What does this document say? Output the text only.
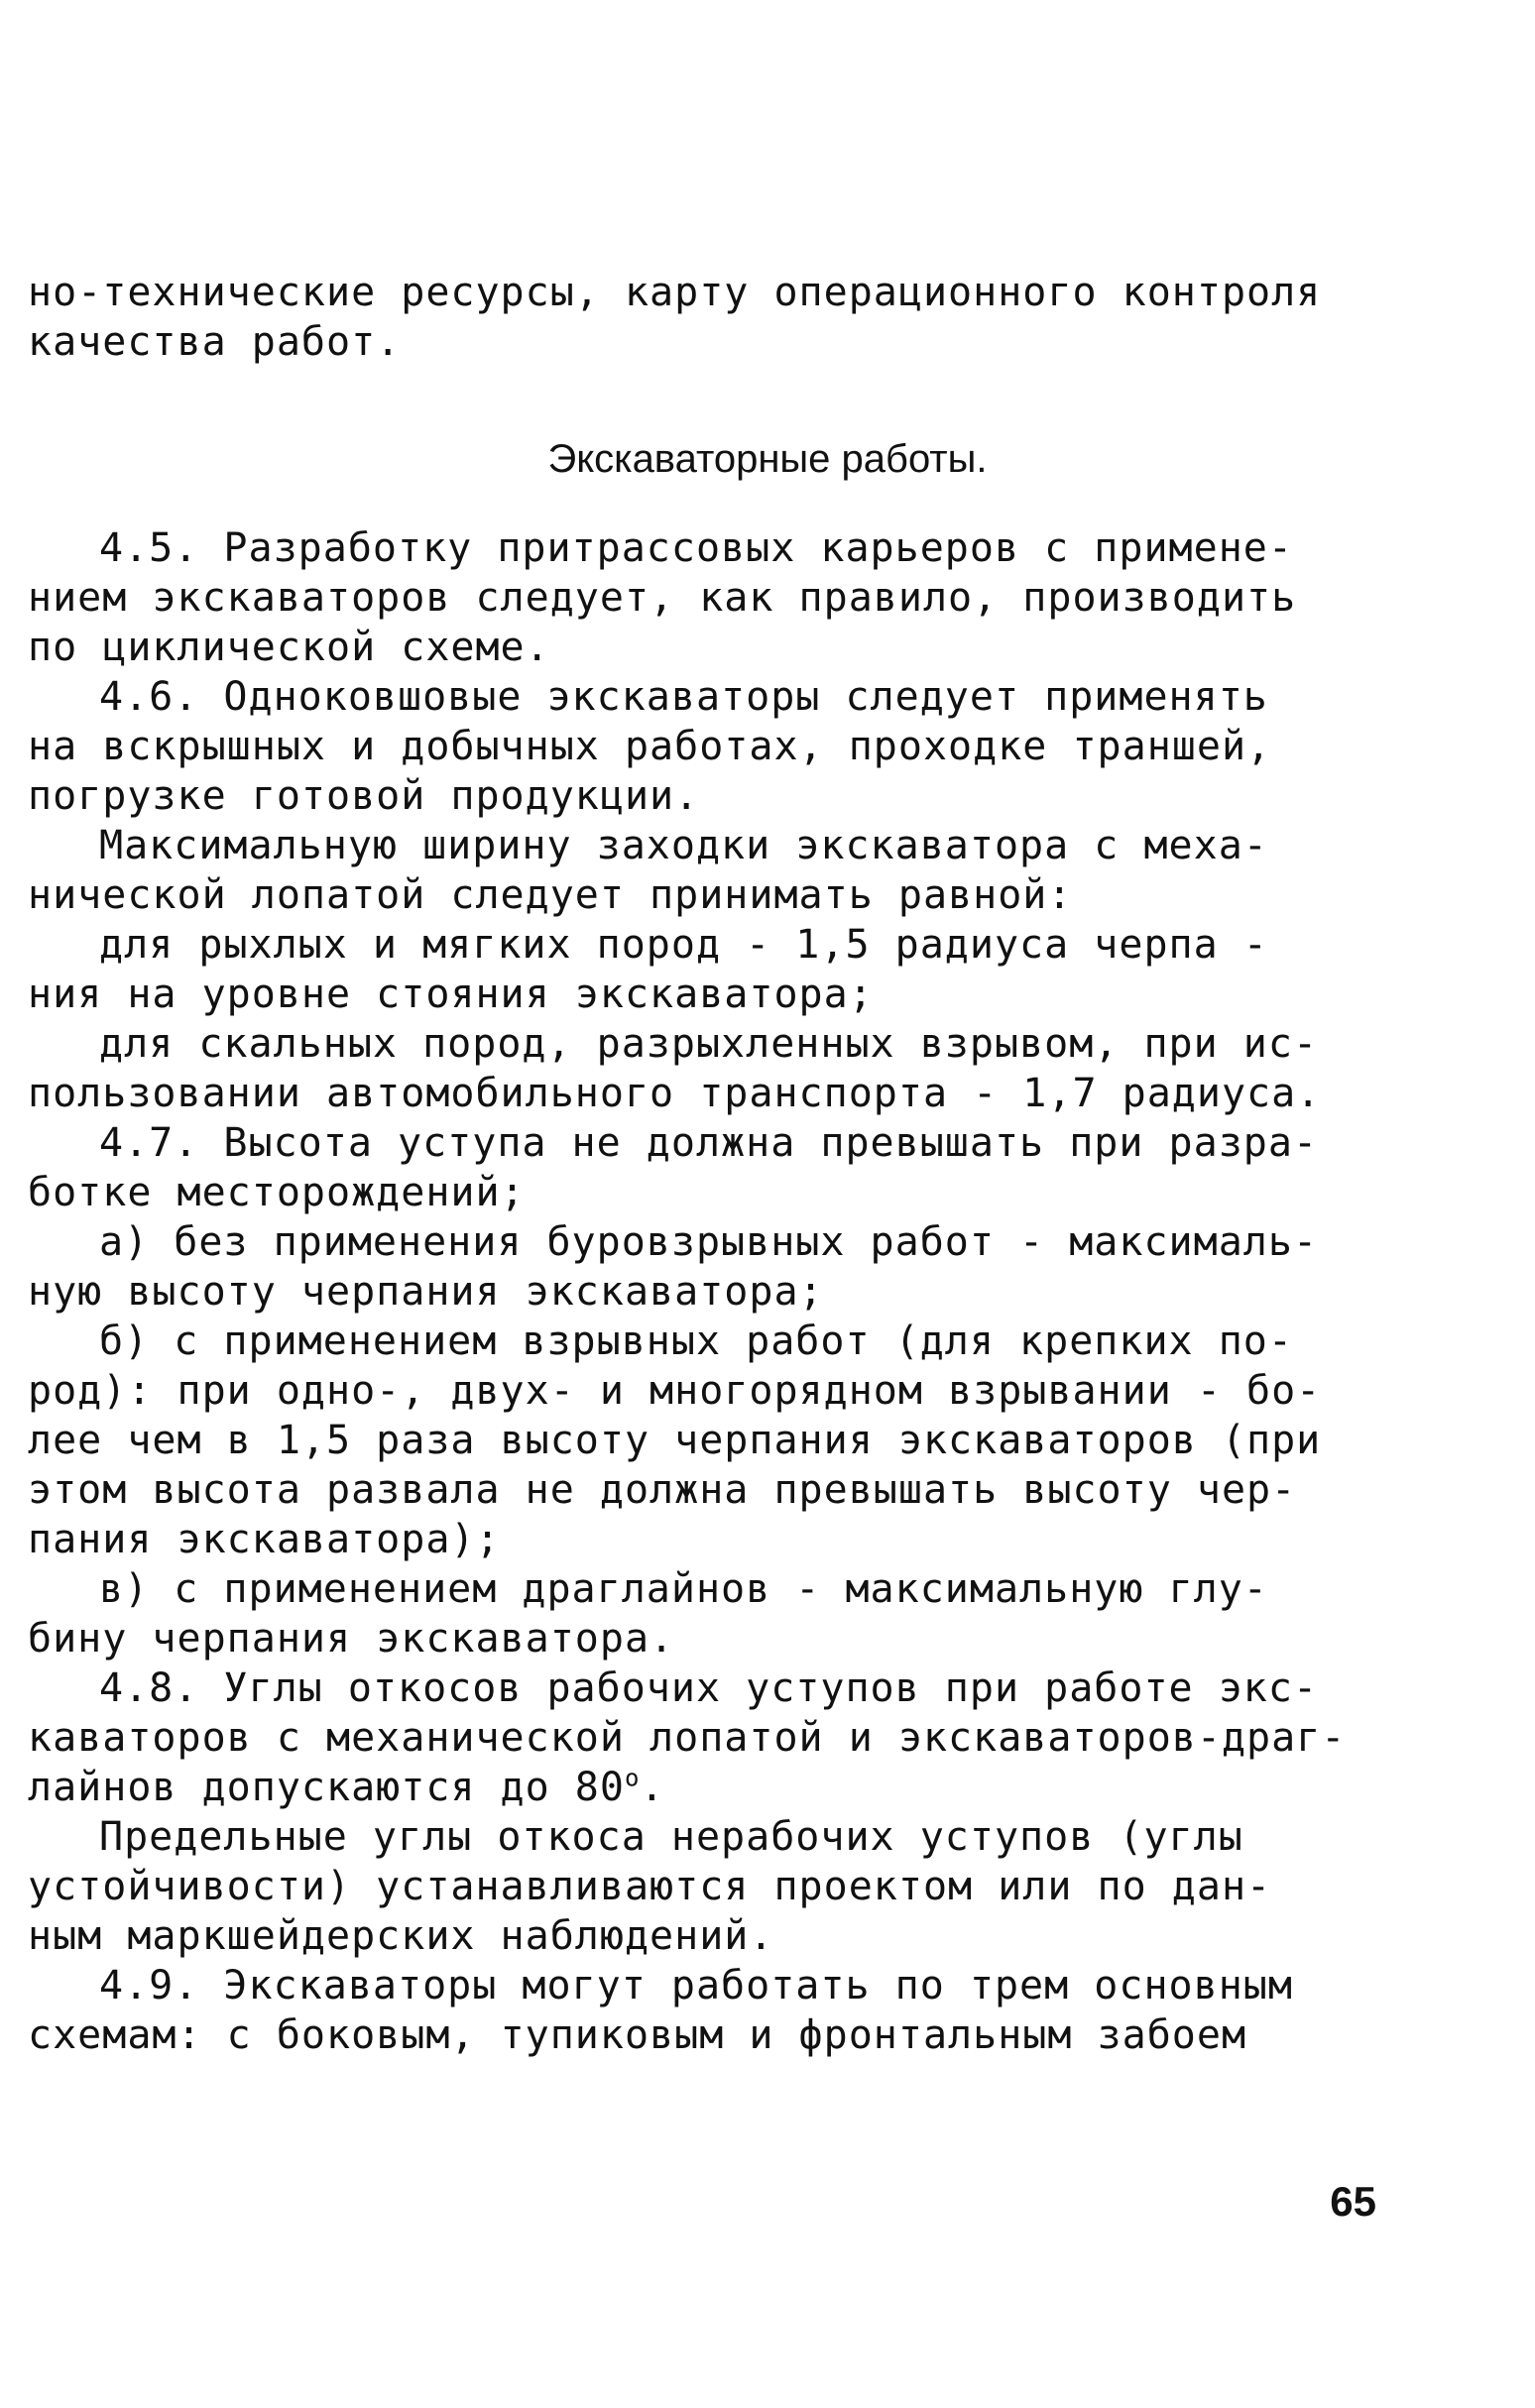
но-технические ресурсы, карту операционного контроля
качества работ.
Экскаваторные работы.
4.5. Разработку притрассовых карьеров с примене-
нием экскаваторов следует, как правило, производить
по циклической схеме.
4.6. Одноковшовые экскаваторы следует применять
на вскрышных и добычных работах, проходке траншей,
погрузке готовой продукции.
Максимальную ширину заходки экскаватора с меха-
нической лопатой следует принимать равной:
для рыхлых и мягких пород - 1,5 радиуса черпа -
ния на уровне стояния экскаватора;
для скальных пород, разрыхленных взрывом, при ис-
пользовании автомобильного транспорта - 1,7 радиуса.
4.7. Высота уступа не должна превышать при разра-
ботке месторождений;
а) без применения буровзрывных работ - максималь-
ную высоту черпания экскаватора;
б) с применением взрывных работ (для крепких по-
род): при одно-, двух- и многорядном взрывании - бо-
лее чем в 1,5 раза высоту черпания экскаваторов (при
этом высота развала не должна превышать высоту чер-
пания экскаватора);
в) с применением драглайнов - максимальную глу-
бину черпания экскаватора.
4.8. Углы откосов рабочих уступов при работе экс-
каваторов с механической лопатой и экскаваторов-драг-
лайнов допускаются до $80^о$.
Предельные углы откоса нерабочих уступов (углы
устойчивости) устанавливаются проектом или по дан-
ным маркшейдерских наблюдений.
4.9. Экскаваторы могут работать по трем основным
схемам: с боковым, тупиковым и фронтальным забоем
65
